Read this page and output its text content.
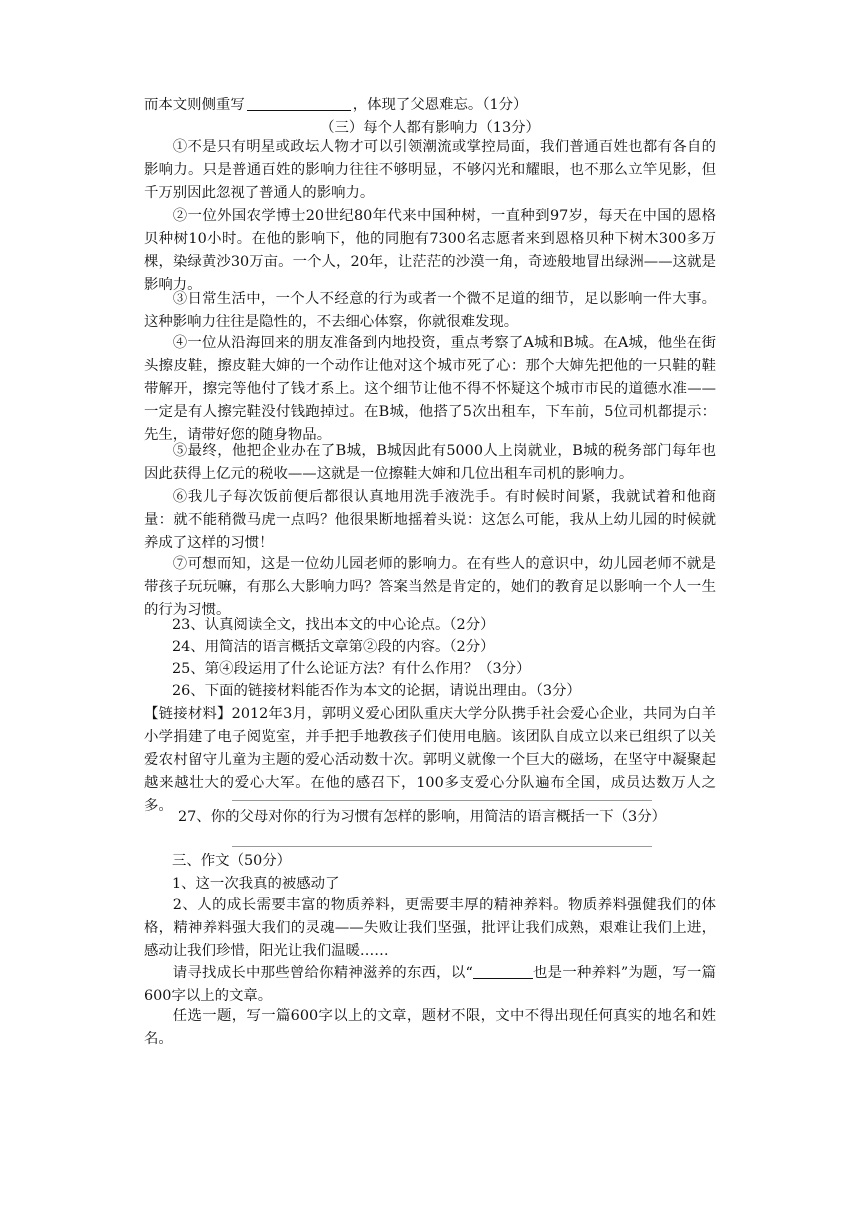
而本文则侧重写	，体现了父恩难忘。（1分）

（三）每个人都有影响力（13分）

①不是只有明星或政坛人物才可以引领潮流或掌控局面，我们普通百姓也都有各自的影响力。只是普通百姓的影响力往往不够明显，不够闪光和耀眼，也不那么立竿见影，但千万别因此忽视了普通人的影响力。

②一位外国农学博士20世纪80年代来中国种树，一直种到97岁，每天在中国的恩格贝种树10小时。在他的影响下，他的同胞有7300名志愿者来到恩格贝种下树木300多万棵，染绿黄沙30万亩。一个人，20年，让茫茫的沙漠一角，奇迹般地冒出绿洲——这就是影响力。

③日常生活中，一个人不经意的行为或者一个微不足道的细节，足以影响一件大事。这种影响力往往是隐性的，不去细心体察，你就很难发现。

④一位从沿海回来的朋友准备到内地投资，重点考察了A城和B城。在A城，他坐在街头擦皮鞋，擦皮鞋大婶的一个动作让他对这个城市死了心：那个大婶先把他的一只鞋的鞋带解开，擦完等他付了钱才系上。这个细节让他不得不怀疑这个城市市民的道德水准——一定是有人擦完鞋没付钱跑掉过。在B城，他搭了5次出租车，下车前，5位司机都提示：先生，请带好您的随身物品。

⑤最终，他把企业办在了B城，B城因此有5000人上岗就业，B城的税务部门每年也因此获得上亿元的税收——这就是一位擦鞋大婶和几位出租车司机的影响力。

⑥我儿子每次饭前便后都很认真地用洗手液洗手。有时候时间紧，我就试着和他商量：就不能稍微马虎一点吗？他很果断地摇着头说：这怎么可能，我从上幼儿园的时候就养成了这样的习惯！

⑦可想而知，这是一位幼儿园老师的影响力。在有些人的意识中，幼儿园老师不就是带孩子玩玩嘛，有那么大影响力吗？答案当然是肯定的，她们的教育足以影响一个人一生的行为习惯。

23、认真阅读全文，找出本文的中心论点。（2分）
24、用简洁的语言概括文章第②段的内容。（2分）
25、第④段运用了什么论证方法？有什么作用？（3分）
26、下面的链接材料能否作为本文的论据，请说出理由。（3分）

【链接材料】2012年3月，郭明义爱心团队重庆大学分队携手社会爱心企业，共同为白羊小学捐建了电子阅览室，并手把手地教孩子们使用电脑。该团队自成立以来已组织了以关爱农村留守儿童为主题的爱心活动数十次。郭明义就像一个巨大的磁场，在坚守中凝聚起越来越壮大的爱心大军。在他的感召下，100多支爱心分队遍布全国，成员达数万人之多。

27、你的父母对你的行为习惯有怎样的影响，用简洁的语言概括一下（3分）
三、作文（50分）
1、这一次我真的被感动了

2、人的成长需要丰富的物质养料，更需要丰厚的精神养料。物质养料强健我们的体格，精神养料强大我们的灵魂——失败让我们坚强，批评让我们成熟，艰难让我们上进，感动让我们珍惜，阳光让我们温暖……

请寻找成长中那些曾给你精神滋养的东西，以“	也是一种养料”为题，写一篇600字以上的文章。

任选一题，写一篇600字以上的文章，题材不限，文中不得出现任何真实的地名和姓名。
